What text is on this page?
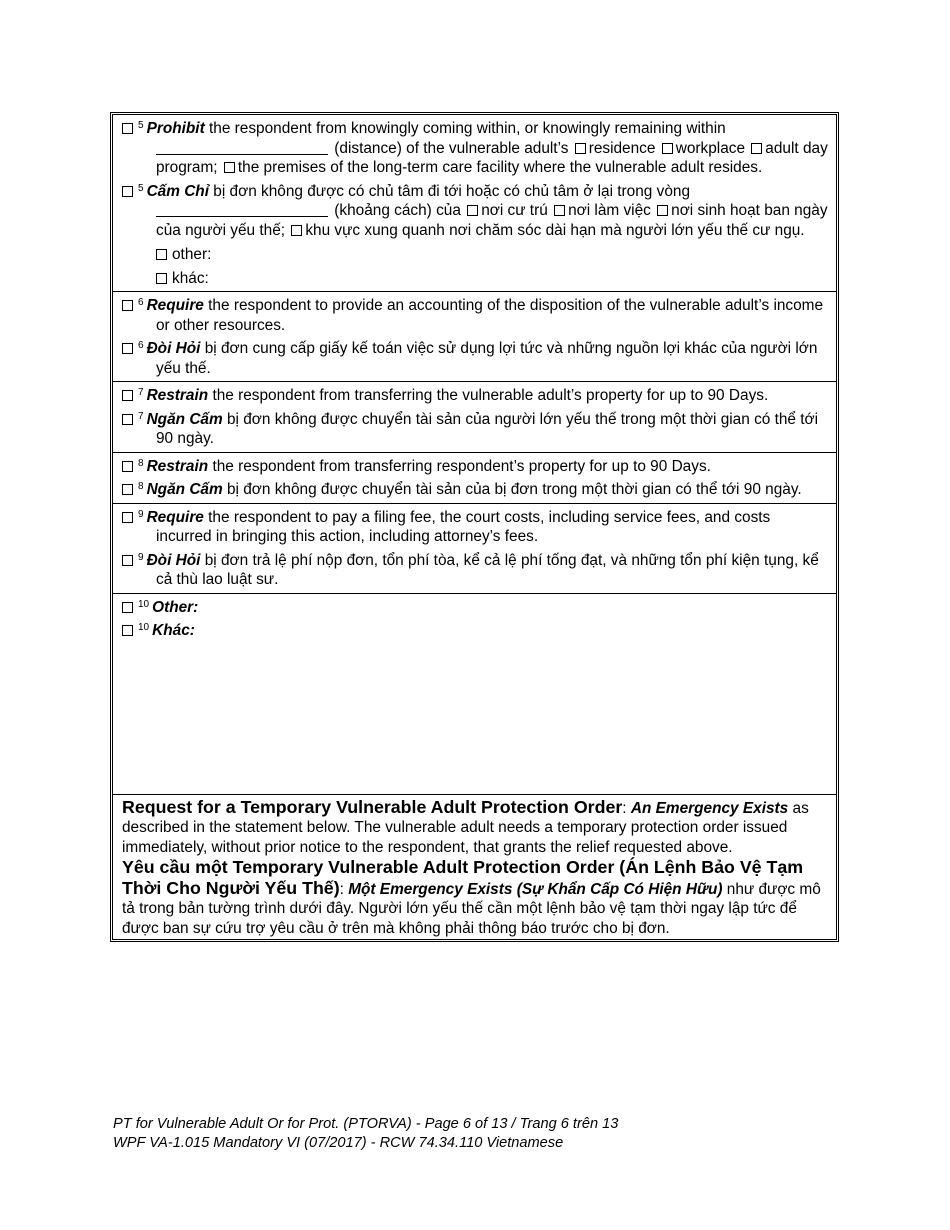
$^5$ Prohibit the respondent from knowingly coming within, or knowingly remaining within  (distance) of the vulnerable adult’s residence workplace adult day program; the premises of the long-term care facility where the vulnerable adult resides.
$^5$ Cấm Chỉ bị đơn không được có chủ tâm đi tới hoặc có chủ tâm ở lại trong vòng  (khoảng cách) của nơi cư trú nơi làm việc nơi sinh hoạt ban ngày của người yếu thế; khu vực xung quanh nơi chăm sóc dài hạn mà người lớn yếu thế cư ngụ.
other:
khác:
$^6$ Require the respondent to provide an accounting of the disposition of the vulnerable adult’s income or other resources.
$^6$ Đòi Hỏi bị đơn cung cấp giấy kế toán việc sử dụng lợi tức và những nguồn lợi khác của người lớn yếu thế.
$^7$ Restrain the respondent from transferring the vulnerable adult’s property for up to 90 Days.
$^7$ Ngăn Cấm bị đơn không được chuyển tài sản của người lớn yếu thế trong một thời gian có thể tới 90 ngày.
$^8$ Restrain the respondent from transferring respondent’s property for up to 90 Days.
$^8$ Ngăn Cấm bị đơn không được chuyển tài sản của bị đơn trong một thời gian có thể tới 90 ngày.
$^9$ Require the respondent to pay a filing fee, the court costs, including service fees, and costs incurred in bringing this action, including attorney’s fees.
$^9$ Đòi Hỏi bị đơn trả lệ phí nộp đơn, tổn phí tòa, kể cả lệ phí tống đạt, và những tổn phí kiện tụng, kể cả thù lao luật sư.
$^{10}$ Other:
$^{10}$ Khác:

Request for a Temporary Vulnerable Adult Protection Order: An Emergency Exists as described in the statement below. The vulnerable adult needs a temporary protection order issued immediately, without prior notice to the respondent, that grants the relief requested above.

Yêu cầu một Temporary Vulnerable Adult Protection Order (Án Lệnh Bảo Vệ Tạm Thời Cho Người Yếu Thế): Một Emergency Exists (Sự Khẩn Cấp Có Hiện Hữu) như được mô tả trong bản tường trình dưới đây. Người lớn yếu thế cần một lệnh bảo vệ tạm thời ngay lập tức để được ban sự cứu trợ yêu cầu ở trên mà không phải thông báo trước cho bị đơn.

PT for Vulnerable Adult Or for Prot. (PTORVA) - Page 6 of 13 / Trang 6 trên 13
WPF VA-1.015 Mandatory VI (07/2017) - RCW 74.34.110 Vietnamese
